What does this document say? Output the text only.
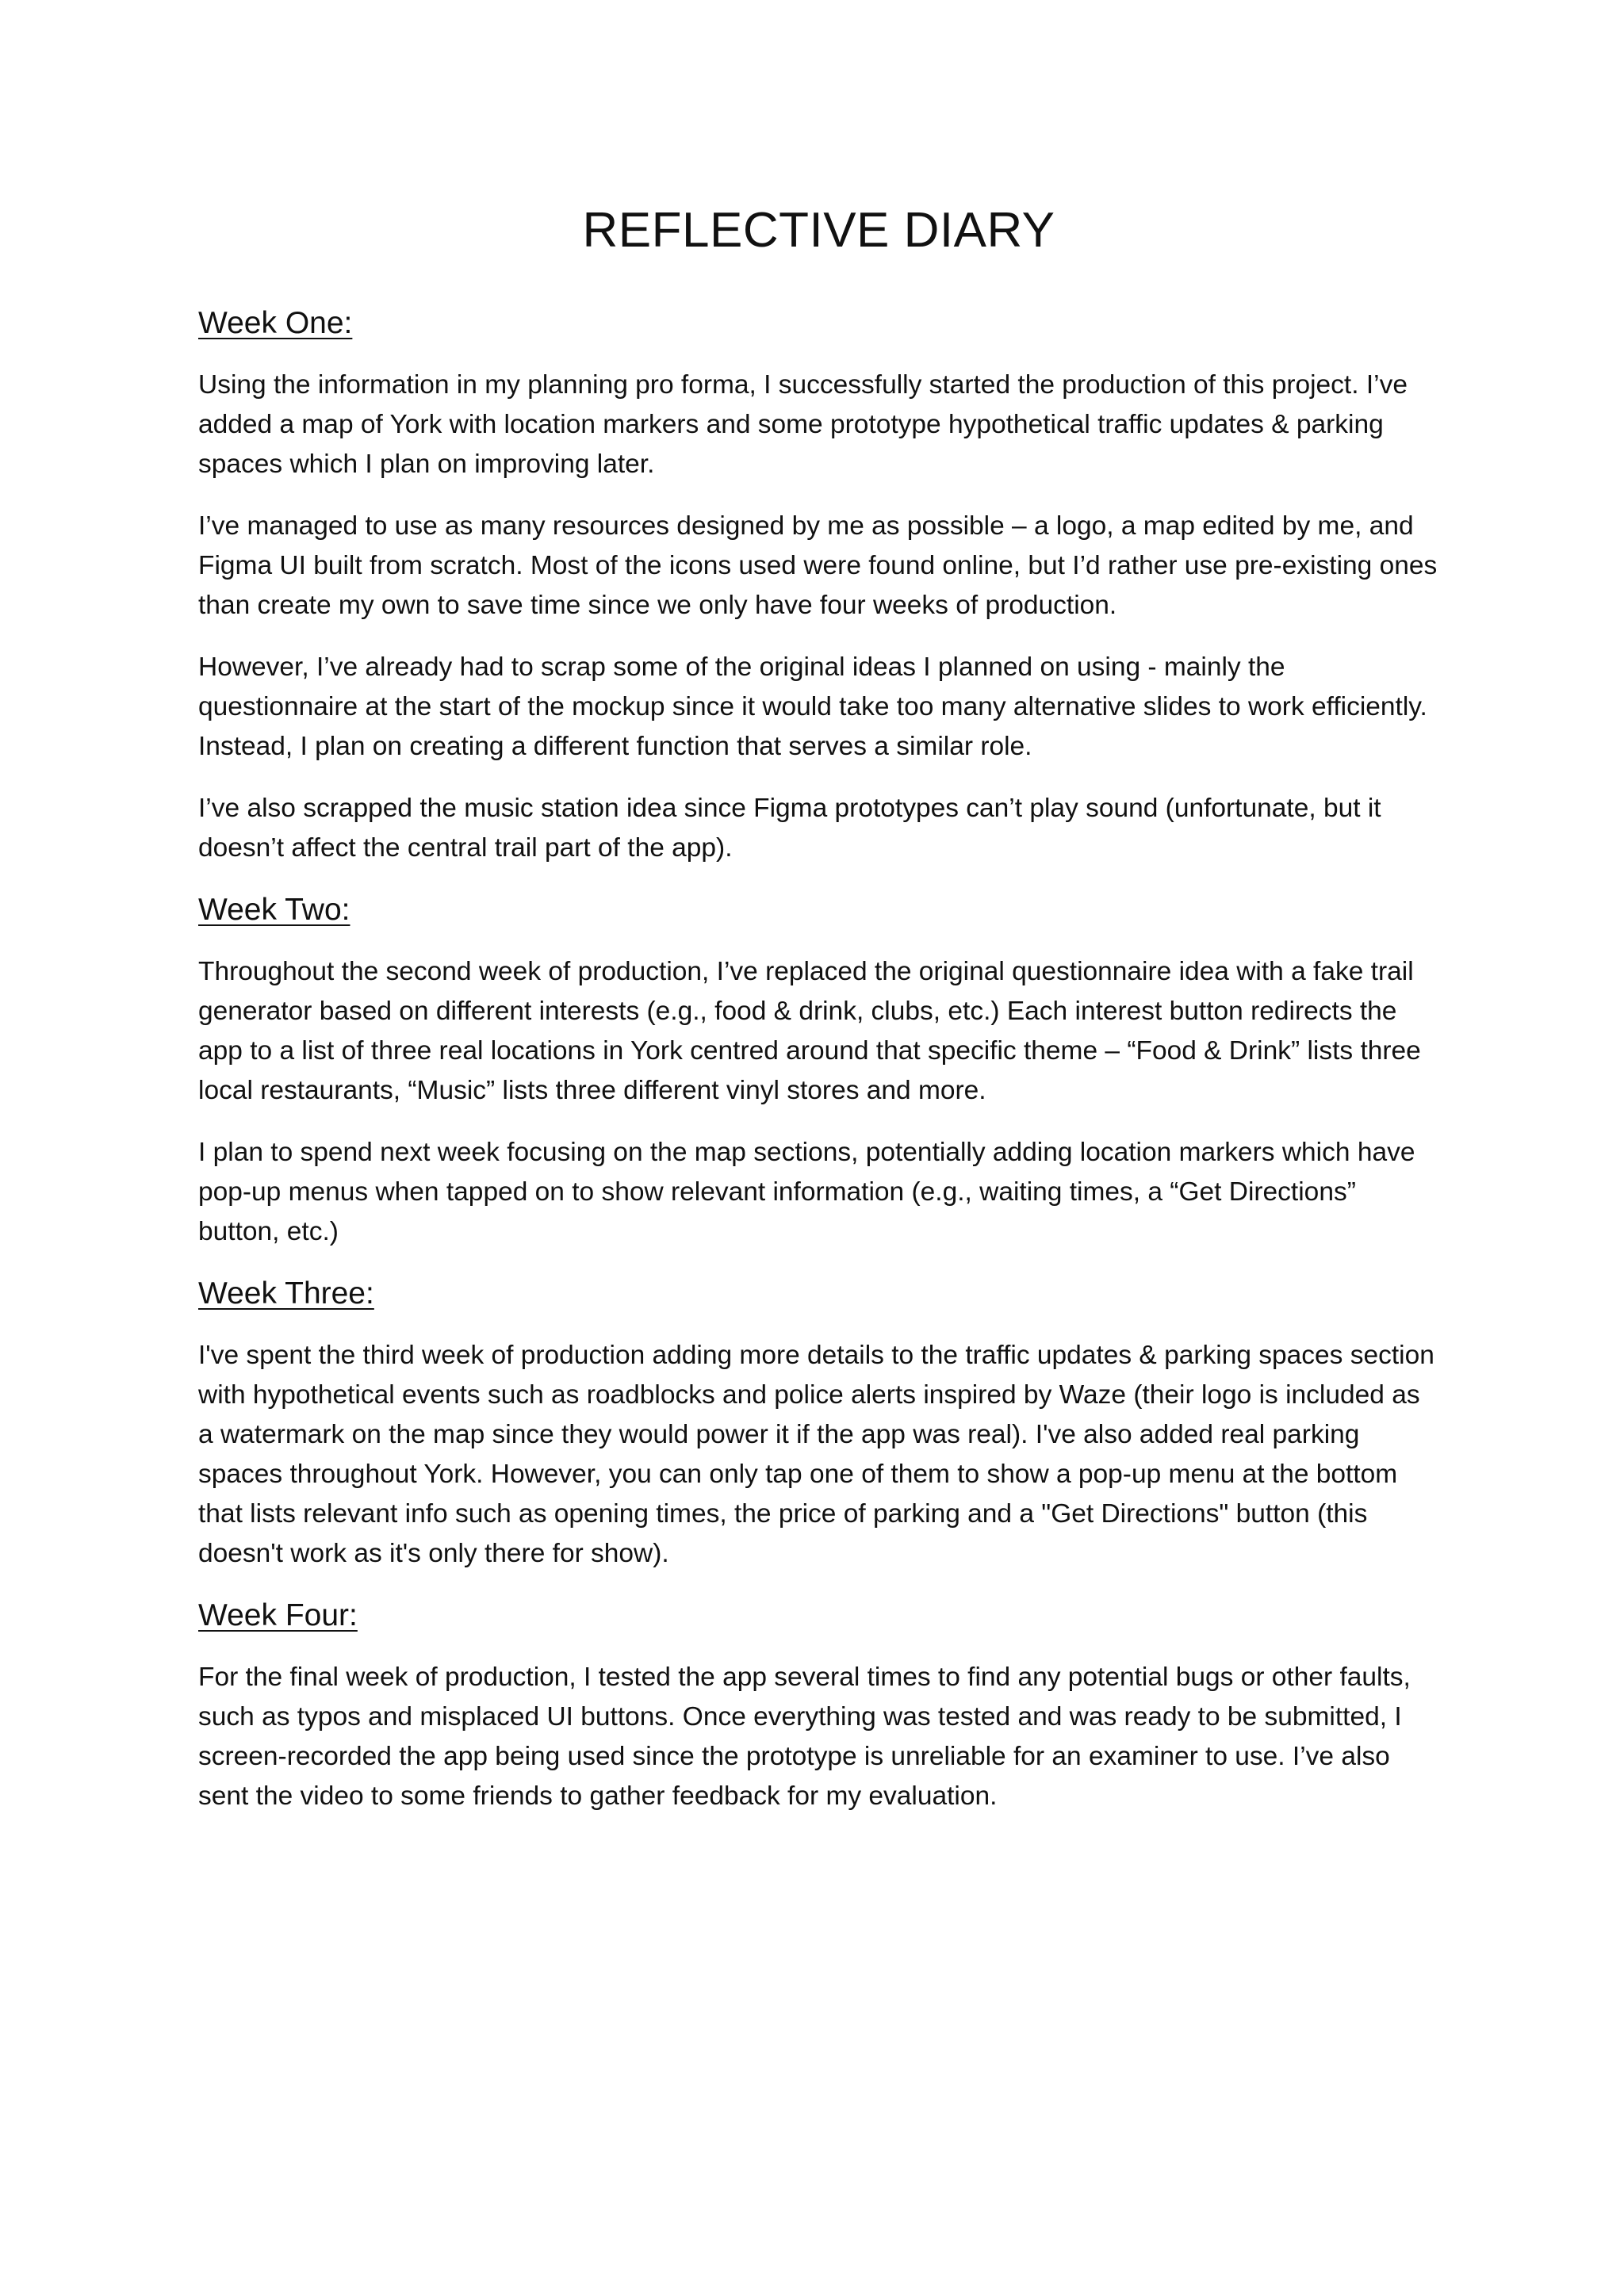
REFLECTIVE DIARY
Week One:

Using the information in my planning pro forma, I successfully started the production of this project. I’ve added a map of York with location markers and some prototype hypothetical traffic updates & parking spaces which I plan on improving later.

I’ve managed to use as many resources designed by me as possible – a logo, a map edited by me, and Figma UI built from scratch. Most of the icons used were found online, but I’d rather use pre-existing ones than create my own to save time since we only have four weeks of production.

However, I’ve already had to scrap some of the original ideas I planned on using - mainly the questionnaire at the start of the mockup since it would take too many alternative slides to work efficiently. Instead, I plan on creating a different function that serves a similar role.

I’ve also scrapped the music station idea since Figma prototypes can’t play sound (unfortunate, but it doesn’t affect the central trail part of the app).

Week Two:

Throughout the second week of production, I’ve replaced the original questionnaire idea with a fake trail generator based on different interests (e.g., food & drink, clubs, etc.) Each interest button redirects the app to a list of three real locations in York centred around that specific theme – “Food & Drink” lists three local restaurants, “Music” lists three different vinyl stores and more.

I plan to spend next week focusing on the map sections, potentially adding location markers which have pop-up menus when tapped on to show relevant information (e.g., waiting times, a “Get Directions” button, etc.)

Week Three:

I've spent the third week of production adding more details to the traffic updates & parking spaces section with hypothetical events such as roadblocks and police alerts inspired by Waze (their logo is included as a watermark on the map since they would power it if the app was real). I've also added real parking spaces throughout York. However, you can only tap one of them to show a pop-up menu at the bottom that lists relevant info such as opening times, the price of parking and a "Get Directions" button (this doesn't work as it's only there for show).

Week Four:

For the final week of production, I tested the app several times to find any potential bugs or other faults, such as typos and misplaced UI buttons. Once everything was tested and was ready to be submitted, I screen-recorded the app being used since the prototype is unreliable for an examiner to use. I’ve also sent the video to some friends to gather feedback for my evaluation.
